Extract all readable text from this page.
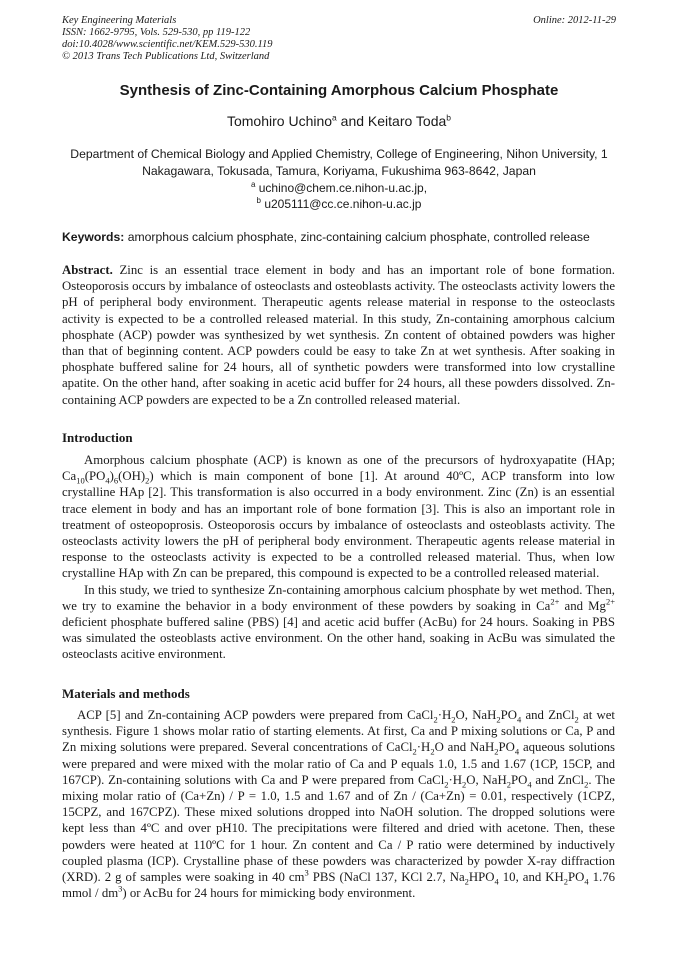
Key Engineering Materials
ISSN: 1662-9795, Vols. 529-530, pp 119-122
doi:10.4028/www.scientific.net/KEM.529-530.119
© 2013 Trans Tech Publications Ltd, Switzerland
Online: 2012-11-29
Synthesis of Zinc-Containing Amorphous Calcium Phosphate
Tomohiro Uchino$^a$ and Keitaro Toda$^b$
Department of Chemical Biology and Applied Chemistry, College of Engineering, Nihon University, 1 Nakagawara, Tokusada, Tamura, Koriyama, Fukushima 963-8642, Japan
$^a$ uchino@chem.ce.nihon-u.ac.jp,
$^b$ u205111@cc.ce.nihon-u.ac.jp
Keywords: amorphous calcium phosphate, zinc-containing calcium phosphate, controlled release

Abstract. Zinc is an essential trace element in body and has an important role of bone formation. Osteoporosis occurs by imbalance of osteoclasts and osteoblasts activity. The osteoclasts activity lowers the pH of peripheral body environment. Therapeutic agents release material in response to the osteoclasts activity is expected to be a controlled released material. In this study, Zn-containing amorphous calcium phosphate (ACP) powder was synthesized by wet synthesis. Zn content of obtained powders was higher than that of beginning content. ACP powders could be easy to take Zn at wet synthesis. After soaking in phosphate buffered saline for 24 hours, all of synthetic powders were transformed into low crystalline apatite. On the other hand, after soaking in acetic acid buffer for 24 hours, all these powders dissolved. Zn-containing ACP powders are expected to be a Zn controlled released material.

Introduction

Amorphous calcium phosphate (ACP) is known as one of the precursors of hydroxyapatite (HAp; $Ca_{10}(PO_4)_6(OH)_2$) which is main component of bone [1]. At around 40ºC, ACP transform into low crystalline HAp [2]. This transformation is also occurred in a body environment. Zinc (Zn) is an essential trace element in body and has an important role of bone formation [3]. This is also an important role in treatment of osteopoprosis. Osteoporosis occurs by imbalance of osteoclasts and osteoblasts activity. The osteoclasts activity lowers the pH of peripheral body environment. Therapeutic agents release material in response to the osteoclasts activity is expected to be a controlled released material. Thus, when low crystalline HAp with Zn can be prepared, this compound is expected to be a controlled released material.

In this study, we tried to synthesize Zn-containing amorphous calcium phosphate by wet method. Then, we try to examine the behavior in a body environment of these powders by soaking in $Ca^{2+}$ and $Mg^{2+}$ deficient phosphate buffered saline (PBS) [4] and acetic acid buffer (AcBu) for 24 hours. Soaking in PBS was simulated the osteoblasts active environment. On the other hand, soaking in AcBu was simulated the osteoclasts acitive environment.

Materials and methods

ACP [5] and Zn-containing ACP powders were prepared from $CaCl_2\cdot H_2O$, $NaH_2PO_4$ and ZnCl$_2$ at wet synthesis. Figure 1 shows molar ratio of starting elements. At first, Ca and P mixing solutions or Ca, P and Zn mixing solutions were prepared. Several concentrations of $CaCl_2\cdot H_2O$ and $NaH_2PO_4$ aqueous solutions were prepared and were mixed with the molar ratio of Ca and P equals 1.0, 1.5 and 1.67 (1CP, 15CP, and 167CP). Zn-containing solutions with Ca and P were prepared from $CaCl_2\cdot H_2O$, $NaH_2PO_4$ and ZnCl$_2$. The mixing molar ratio of (Ca+Zn) / P = 1.0, 1.5 and 1.67 and of Zn / (Ca+Zn) = 0.01, respectively (1CPZ, 15CPZ, and 167CPZ). These mixed solutions dropped into NaOH solution. The dropped solutions were kept less than 4ºC and over pH10. The precipitations were filtered and dried with acetone. Then, these powders were heated at 110ºC for 1 hour. Zn content and Ca / P ratio were determined by inductively coupled plasma (ICP). Crystalline phase of these powders was characterized by powder X-ray diffraction (XRD). 2 g of samples were soaking in 40 $cm^3$ PBS (NaCl 137, KCl 2.7, $Na_2HPO_4$ 10, and $KH_2PO_4$ 1.76 mmol / $dm^3$) or AcBu for 24 hours for mimicking body environment.
